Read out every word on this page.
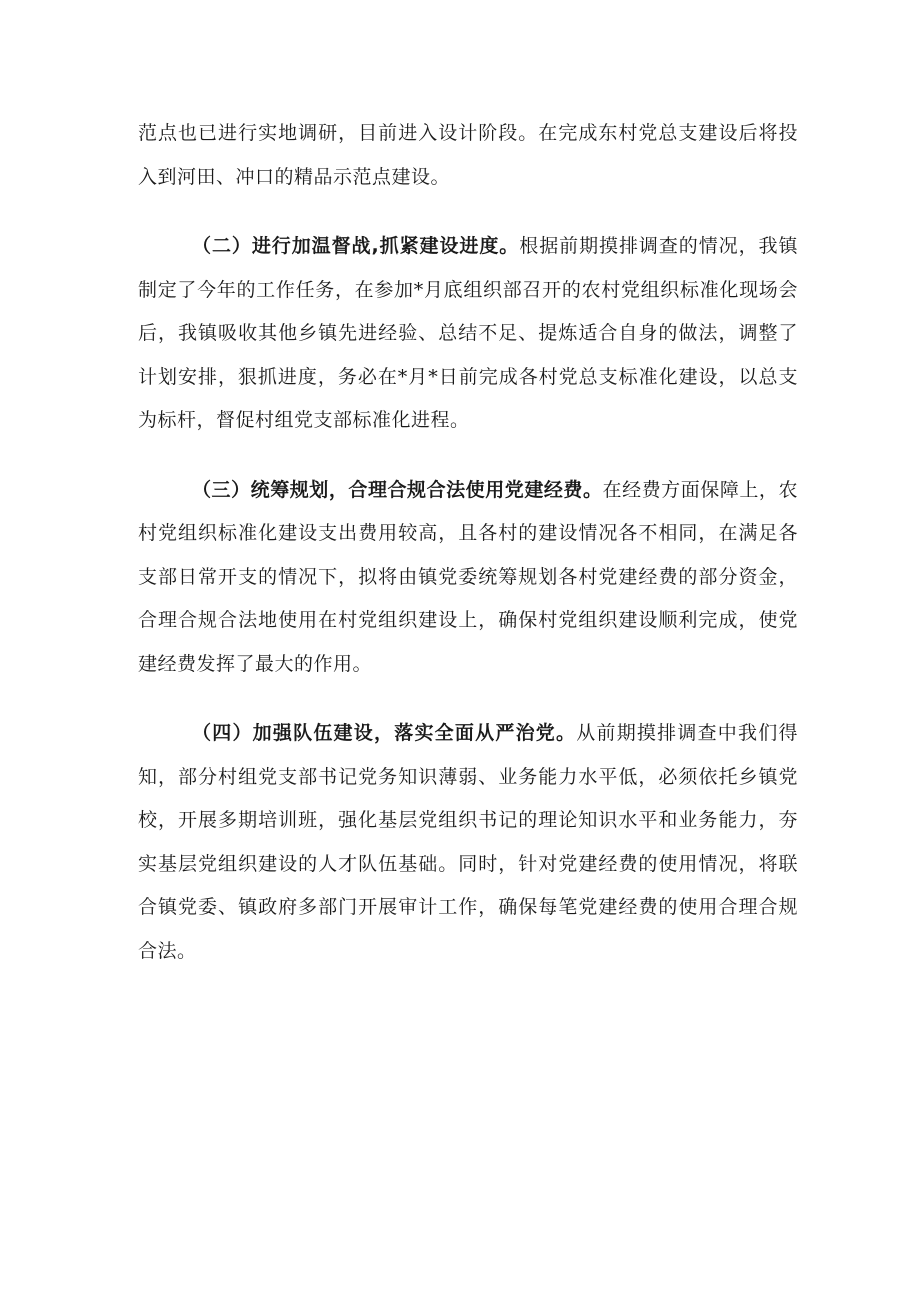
范点也已进行实地调研，目前进入设计阶段。在完成东村党总支建设后将投入到河田、冲口的精品示范点建设。

（二）进行加温督战,抓紧建设进度。根据前期摸排调查的情况，我镇制定了今年的工作任务，在参加*月底组织部召开的农村党组织标准化现场会后，我镇吸收其他乡镇先进经验、总结不足、提炼适合自身的做法，调整了计划安排，狠抓进度，务必在*月*日前完成各村党总支标准化建设，以总支为标杆，督促村组党支部标准化进程。

（三）统筹规划，合理合规合法使用党建经费。在经费方面保障上，农村党组织标准化建设支出费用较高，且各村的建设情况各不相同，在满足各支部日常开支的情况下，拟将由镇党委统筹规划各村党建经费的部分资金，合理合规合法地使用在村党组织建设上，确保村党组织建设顺利完成，使党建经费发挥了最大的作用。

（四）加强队伍建设，落实全面从严治党。从前期摸排调查中我们得知，部分村组党支部书记党务知识薄弱、业务能力水平低，必须依托乡镇党校，开展多期培训班，强化基层党组织书记的理论知识水平和业务能力，夯实基层党组织建设的人才队伍基础。同时，针对党建经费的使用情况，将联合镇党委、镇政府多部门开展审计工作，确保每笔党建经费的使用合理合规合法。
